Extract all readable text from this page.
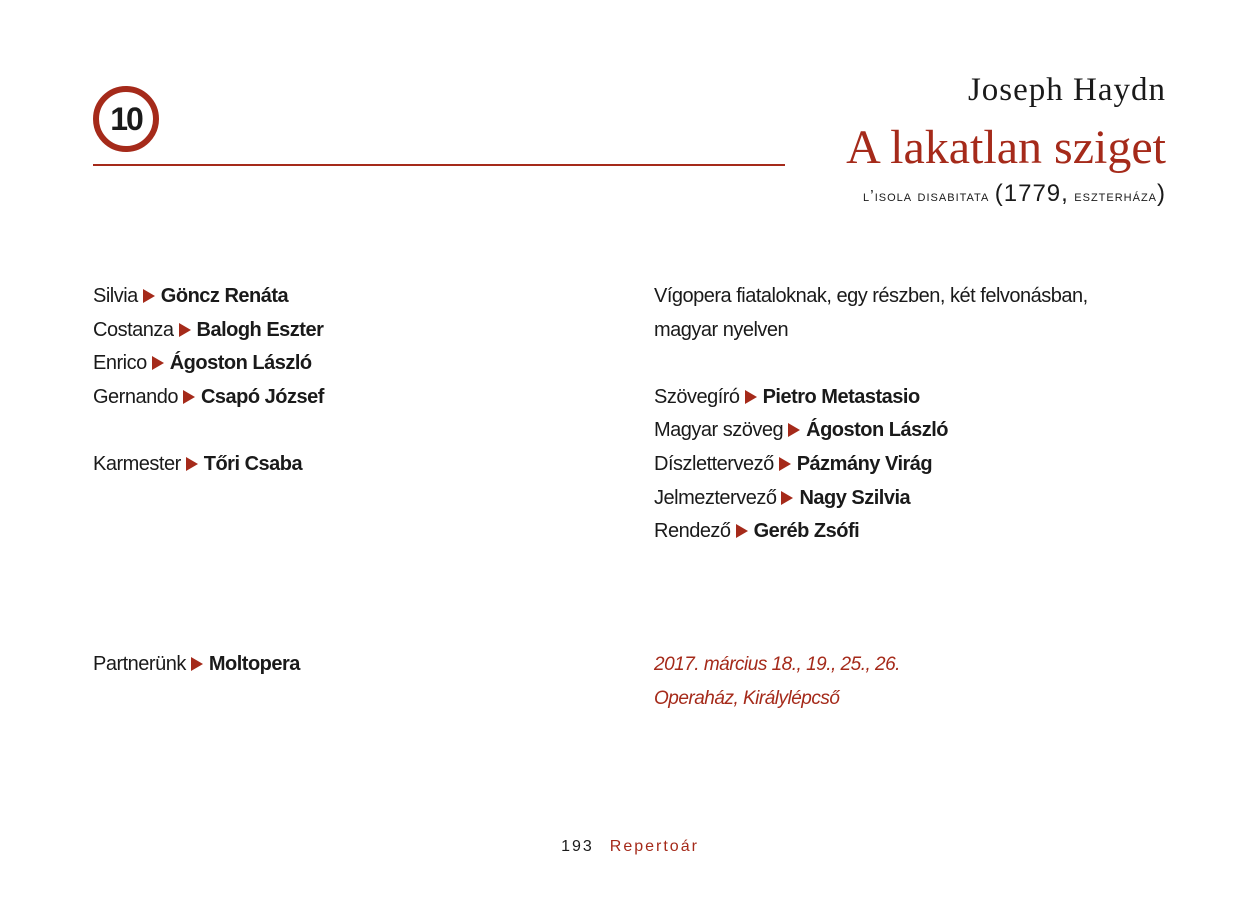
10
Joseph Haydn
A lakatlan sziget
l’isola disabitata (1779, eszterháza)
Silvia Göncz Renáta
Costanza Balogh Eszter
Enrico Ágoston László
Gernando Csapó József
Karmester Tőri Csaba
Vígopera fiataloknak, egy részben, két felvonásban,
magyar nyelven
Szövegíró Pietro Metastasio
Magyar szöveg Ágoston László
Díszlettervező Pázmány Virág
Jelmeztervező Nagy Szilvia
Rendező Geréb Zsófi
Partnerünk Moltopera	2017. március 18., 19., 25., 26.
Operaház, Királylépcső
193 Repertoár
